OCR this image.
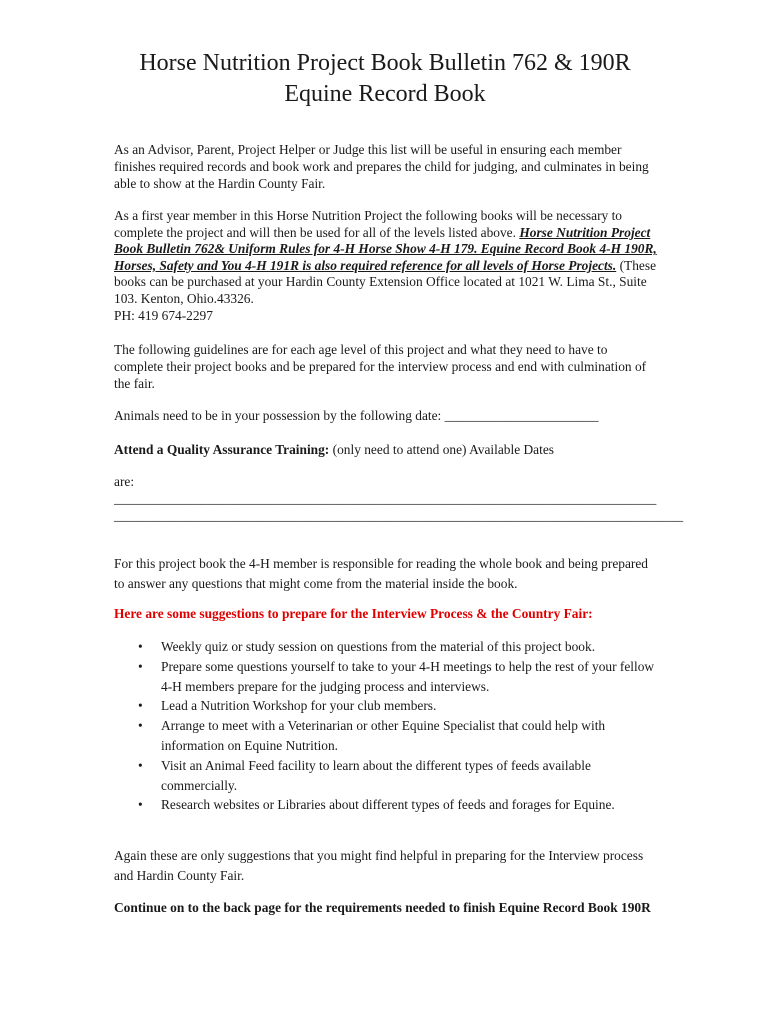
Horse Nutrition Project Book Bulletin 762 & 190R
Equine Record Book

As an Advisor, Parent, Project Helper or Judge this list will be useful in ensuring each member finishes required records and book work and prepares the child for judging, and culminates in being able to show at the Hardin County Fair.

As a first year member in this Horse Nutrition Project the following books will be necessary to complete the project and will then be used for all of the levels listed above. Horse Nutrition Project Book Bulletin 762& Uniform Rules for 4-H Horse Show 4-H 179. Equine Record Book 4-H 190R, Horses, Safety and You 4-H 191R is also required reference for all levels of Horse Projects. (These books can be purchased at your Hardin County Extension Office located at 1021 W. Lima St., Suite 103. Kenton, Ohio.43326.
PH: 419 674-2297

The following guidelines are for each age level of this project and what they need to have to complete their project books and be prepared for the interview process and end with culmination of the fair.

Animals need to be in your possession by the following date: _______________________

Attend a Quality Assurance Training: (only need to attend one) Available Dates

are: _________________________________________________________________________________

_____________________________________________________________________________________

For this project book the 4-H member is responsible for reading the whole book and being prepared to answer any questions that might come from the material inside the book.

Here are some suggestions to prepare for the Interview Process & the Country Fair:

• Weekly quiz or study session on questions from the material of this project book.
• Prepare some questions yourself to take to your 4-H meetings to help the rest of your fellow 4-H members prepare for the judging process and interviews.
• Lead a Nutrition Workshop for your club members.
• Arrange to meet with a Veterinarian or other Equine Specialist that could help with information on Equine Nutrition.
• Visit an Animal Feed facility to learn about the different types of feeds available commercially.
• Research websites or Libraries about different types of feeds and forages for Equine.

Again these are only suggestions that you might find helpful in preparing for the Interview process and Hardin County Fair.

Continue on to the back page for the requirements needed to finish Equine Record Book 190R
